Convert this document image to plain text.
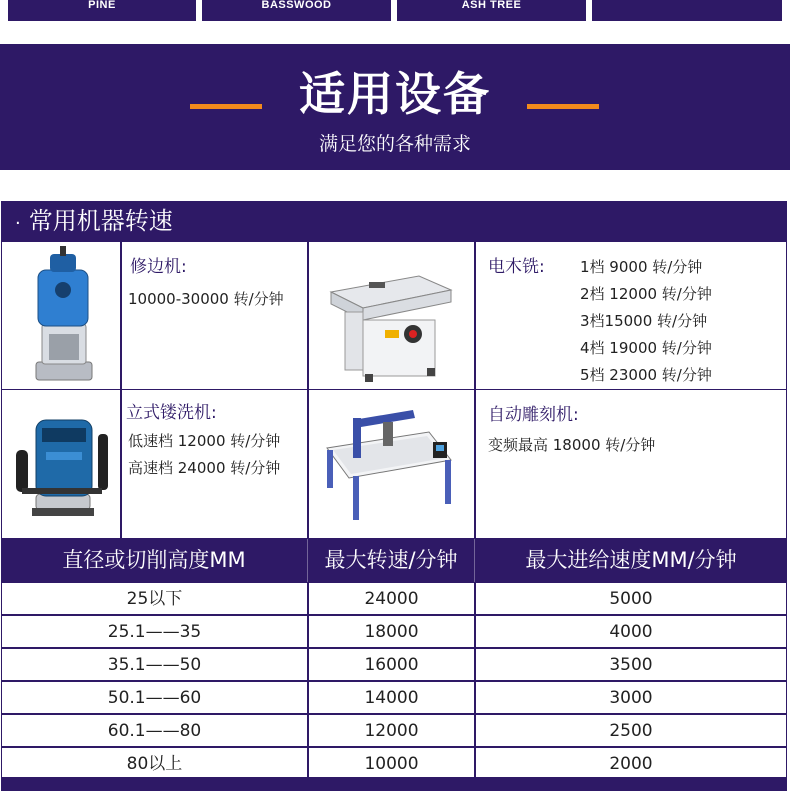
PINE	BASSWOOD	ASH TREE
适用设备
满足您的各种需求
· 常用机器转速
修边机:
10000-30000 转/分钟
电木铣: 1档 9000 转/分钟
2档 12000 转/分钟
3档15000 转/分钟
4档 19000 转/分钟
5档 23000 转/分钟
立式镂洗机:
低速档 12000 转/分钟
高速档 24000 转/分钟
自动雕刻机:
变频最高 18000 转/分钟
直径或切削高度MM	最大转速/分钟	最大进给速度MM/分钟
25以下	24000	5000
25.1——35	18000	4000
35.1——50	16000	3500
50.1——60	14000	3000
60.1——80	12000	2500
80以上	10000	2000
